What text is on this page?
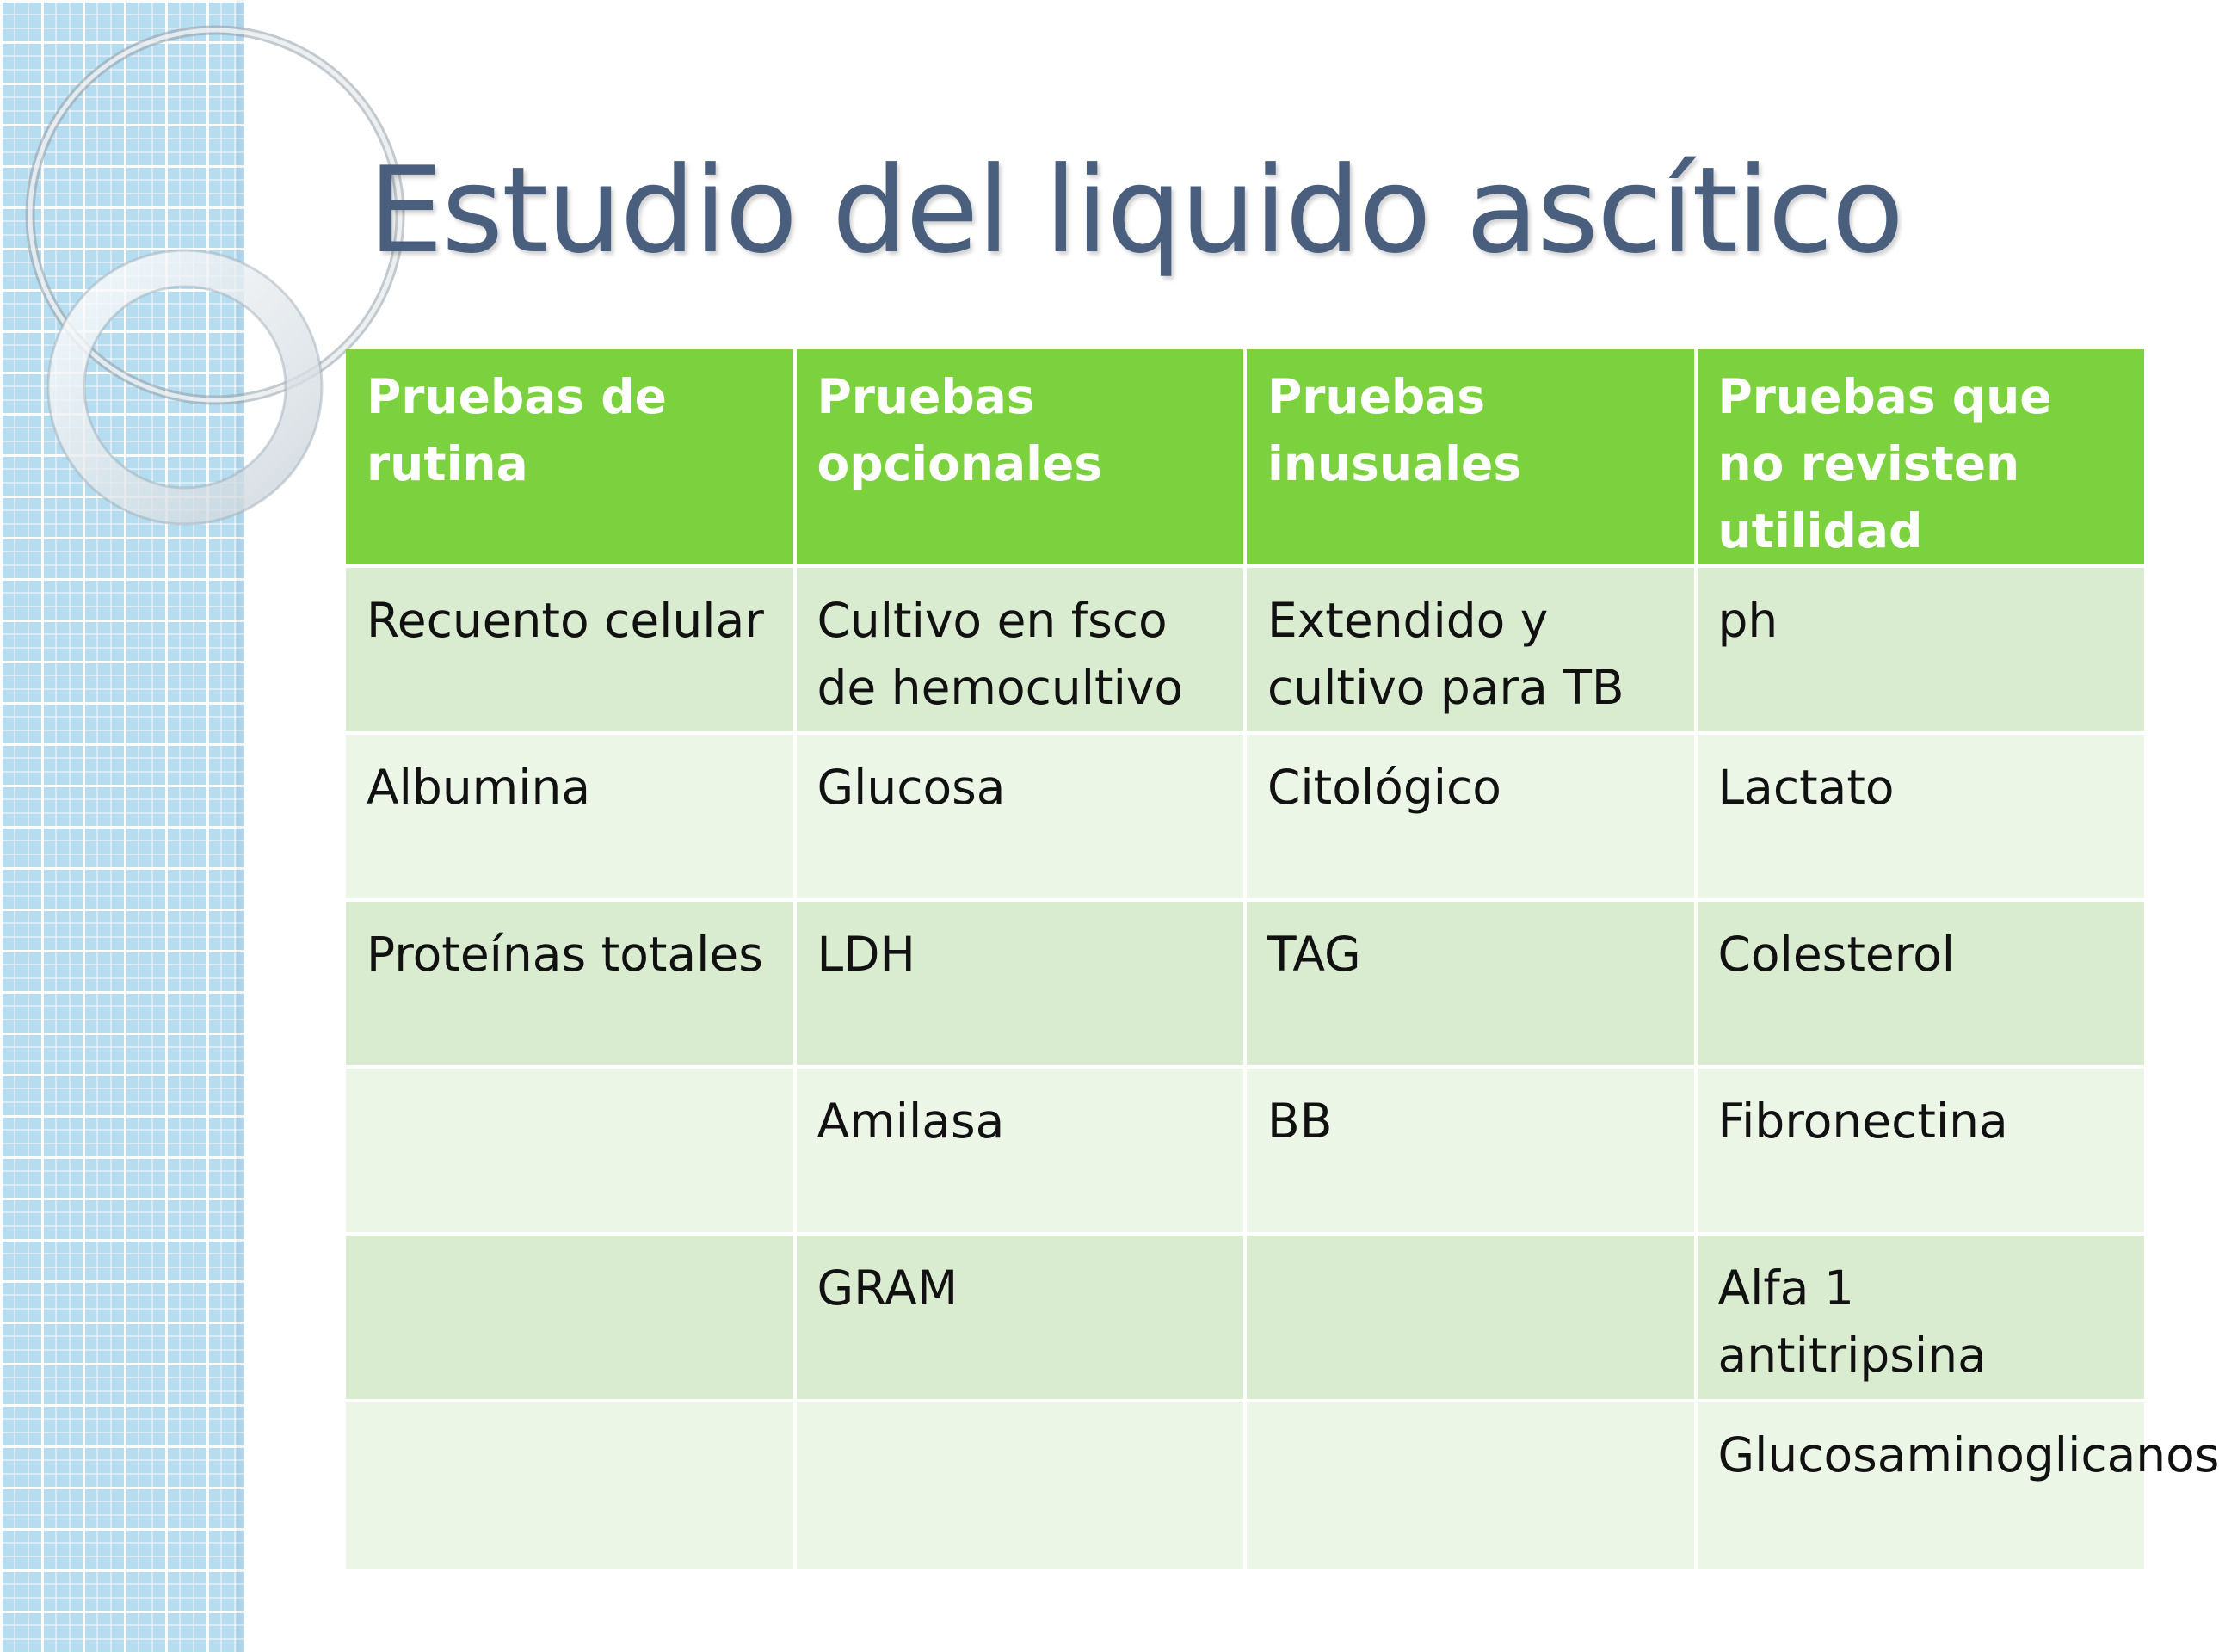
Estudio del liquido ascítico
Pruebas de rutina	Pruebas opcionales	Pruebas inusuales	Pruebas que no revisten utilidad
Recuento celular	Cultivo en fsco de hemocultivo	Extendido y cultivo para TB	ph
Albumina	Glucosa	Citológico	Lactato
Proteínas totales	LDH	TAG	Colesterol
	Amilasa	BB	Fibronectina
	GRAM		Alfa 1 antitripsina
			Glucosaminoglicanos
